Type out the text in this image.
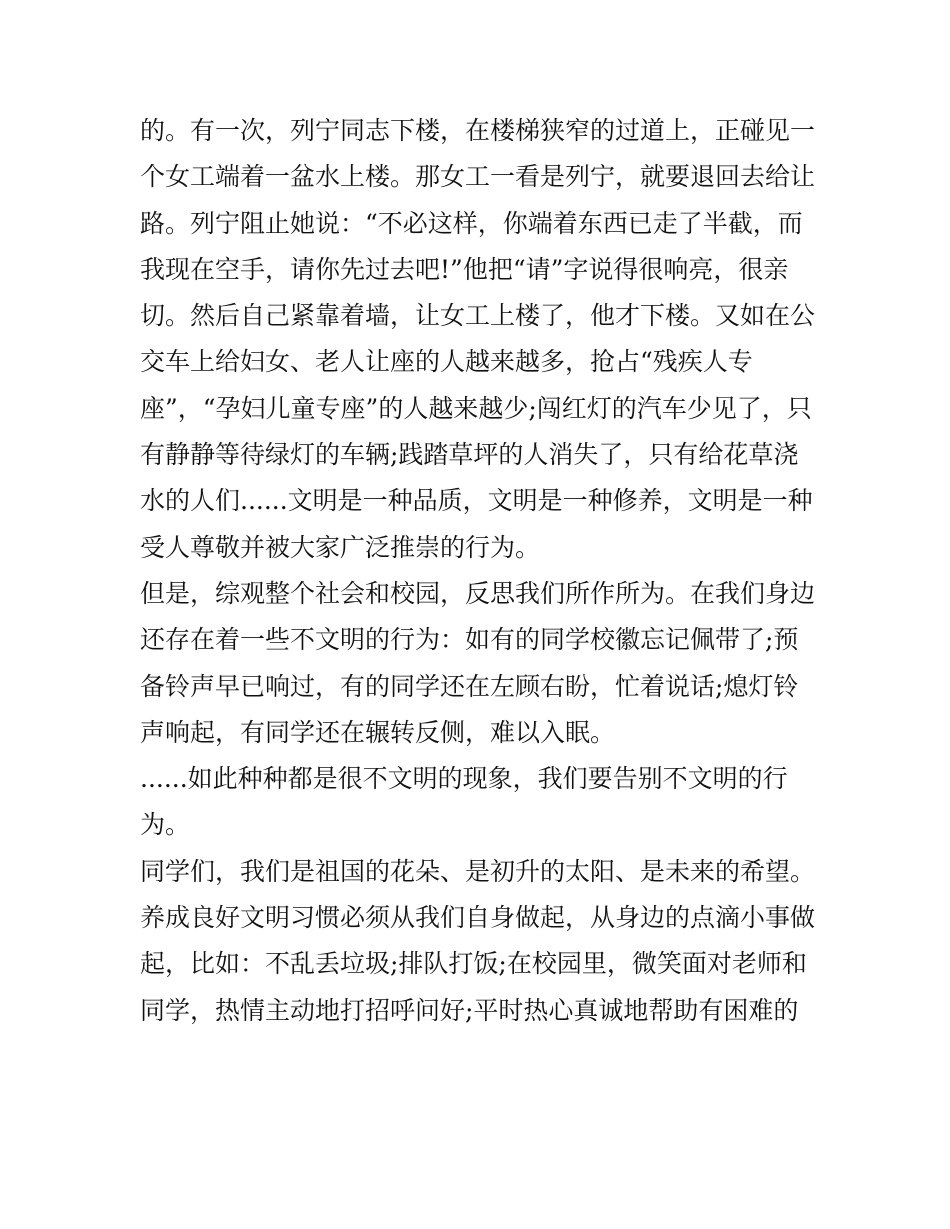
的。有一次，列宁同志下楼，在楼梯狭窄的过道上，正碰见一
个女工端着一盆水上楼。那女工一看是列宁，就要退回去给让
路。列宁阻止她说：“不必这样，你端着东西已走了半截，而
我现在空手，请你先过去吧!”他把“请”字说得很响亮，很亲
切。然后自己紧靠着墙，让女工上楼了，他才下楼。又如在公
交车上给妇女、老人让座的人越来越多，抢占“残疾人专
座”，“孕妇儿童专座”的人越来越少;闯红灯的汽车少见了，只
有静静等待绿灯的车辆;践踏草坪的人消失了，只有给花草浇
水的人们......文明是一种品质，文明是一种修养，文明是一种
受人尊敬并被大家广泛推崇的行为。
但是，综观整个社会和校园，反思我们所作所为。在我们身边
还存在着一些不文明的行为：如有的同学校徽忘记佩带了;预
备铃声早已响过，有的同学还在左顾右盼，忙着说话;熄灯铃
声响起，有同学还在辗转反侧，难以入眠。
......如此种种都是很不文明的现象，我们要告别不文明的行
为。
同学们，我们是祖国的花朵、是初升的太阳、是未来的希望。
养成良好文明习惯必须从我们自身做起，从身边的点滴小事做
起，比如：不乱丢垃圾;排队打饭;在校园里，微笑面对老师和
同学，热情主动地打招呼问好;平时热心真诚地帮助有困难的
